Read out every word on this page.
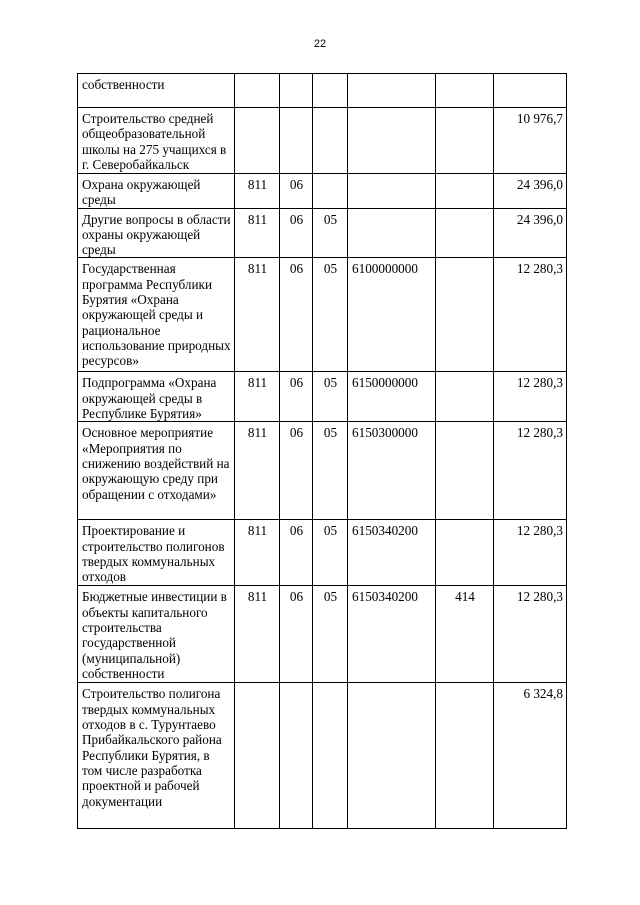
22
собственности						
Строительство средней общеобразовательной школы на 275 учащихся в г. Северобайкальск						10 976,7
Охрана окружающей среды	811	06				24 396,0
Другие вопросы в области охраны окружающей среды	811	06	05			24 396,0
Государственная программа Республики Бурятия «Охрана окружающей среды и рациональное использование природных ресурсов»	811	06	05	6100000000		12 280,3
Подпрограмма «Охрана окружающей среды в Республике Бурятия»	811	06	05	6150000000		12 280,3
Основное мероприятие «Мероприятия по снижению воздействий на окружающую среду при обращении с отходами»	811	06	05	6150300000		12 280,3
Проектирование и строительство полигонов твердых коммунальных отходов	811	06	05	6150340200		12 280,3
Бюджетные инвестиции в объекты капитального строительства государственной (муниципальной) собственности	811	06	05	6150340200	414	12 280,3
Строительство полигона твердых коммунальных отходов в с. Турунтаево Прибайкальского района Республики Бурятия, в том числе разработка проектной и рабочей документации						6 324,8
